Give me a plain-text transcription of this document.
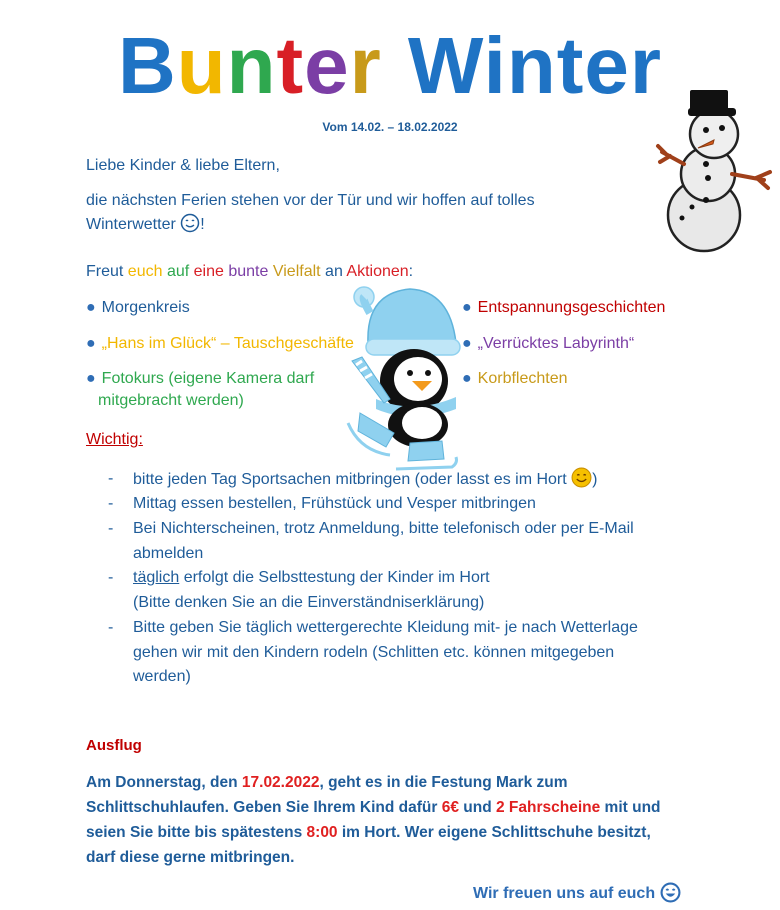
Bunter Winter
Vom 14.02. – 18.02.2022
Liebe Kinder & liebe Eltern,
die nächsten Ferien stehen vor der Tür und wir hoffen auf tolles
Winterwetter !
Freut euch auf eine bunte Vielfalt an Aktionen:
● Morgenkreis
● „Hans im Glück“ – Tauschgeschäfte
● Fotokurs (eigene Kamera darf
mitgebracht werden)
● Entspannungsgeschichten
● „Verrücktes Labyrinth“
● Korbflechten
Wichtig:
- bitte jeden Tag Sportsachen mitbringen (oder lasst es im Hort )
- Mittag essen bestellen, Frühstück und Vesper mitbringen
- Bei Nichterscheinen, trotz Anmeldung, bitte telefonisch oder per E-Mail
abmelden
- täglich erfolgt die Selbsttestung der Kinder im Hort
(Bitte denken Sie an die Einverständniserklärung)
- Bitte geben Sie täglich wettergerechte Kleidung mit- je nach Wetterlage
gehen wir mit den Kindern rodeln (Schlitten etc. können mitgegeben
werden)
Ausflug
Am Donnerstag, den 17.02.2022, geht es in die Festung Mark zum
Schlittschuhlaufen. Geben Sie Ihrem Kind dafür 6€ und 2 Fahrscheine mit und
seien Sie bitte bis spätestens 8:00 im Hort. Wer eigene Schlittschuhe besitzt,
darf diese gerne mitbringen.
Wir freuen uns auf euch
